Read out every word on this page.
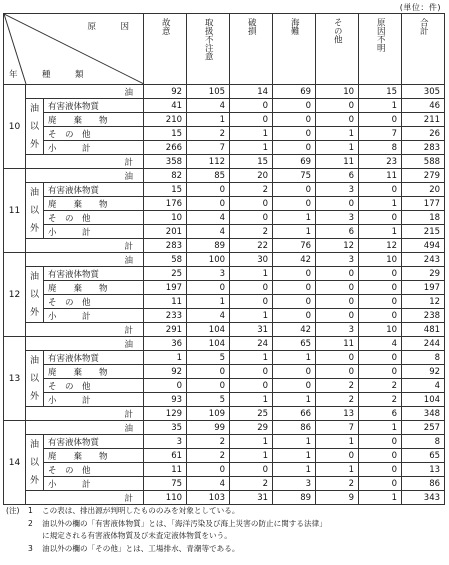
(単位：件)
原　因
種　類
年			故意	取扱不注意	破損	海難	その他	原因不明	合計

10	油		92	105	14	69	10	15	305

	油
以
外	有害液体物質	41	4	0	0	0	1	46
		廃　　棄　　物	210	1	0	0	0	0	211
		そ　の　他	15	2	1	0	1	7	26
		小　　　計	266	7	1	0	1	8	283
	計		358	112	15	69	11	23	588
11	油		82	85	20	75	6	11	279

	油
以
外	有害液体物質	15	0	2	0	3	0	20
		廃　　棄　　物	176	0	0	0	0	1	177
		そ　の　他	10	4	0	1	3	0	18
		小　　　計	201	4	2	1	6	1	215
	計		283	89	22	76	12	12	494
12	油		58	100	30	42	3	10	243

	油
以
外	有害液体物質	25	3	1	0	0	0	29
		廃　　棄　　物	197	0	0	0	0	0	197
		そ　の　他	11	1	0	0	0	0	12
		小　　　計	233	4	1	0	0	0	238
	計		291	104	31	42	3	10	481
13	油		36	104	24	65	11	4	244

	油
以
外	有害液体物質	1	5	1	1	0	0	8
		廃　　棄　　物	92	0	0	0	0	0	92
		そ　の　他	0	0	0	0	2	2	4
		小　　　計	93	5	1	1	2	2	104
	計		129	109	25	66	13	6	348
14	油		35	99	29	86	7	1	257

	油
以
外	有害液体物質	3	2	1	1	1	0	8
		廃　　棄　　物	61	2	1	1	0	0	65
		そ　の　他	11	0	0	1	1	0	13
		小　　　計	75	4	2	3	2	0	86
	計		110	103	31	89	9	1	343
(注)	1	この表は、排出源が判明したもののみを対象としている。
2	油以外の欄の「有害液体物質」とは、「海洋汚染及び海上災害の防止に関する法律」
に規定される有害液体物質及び未査定液体物質をいう。
3	油以外の欄の「その他」とは、工場排水、青潮等である。
